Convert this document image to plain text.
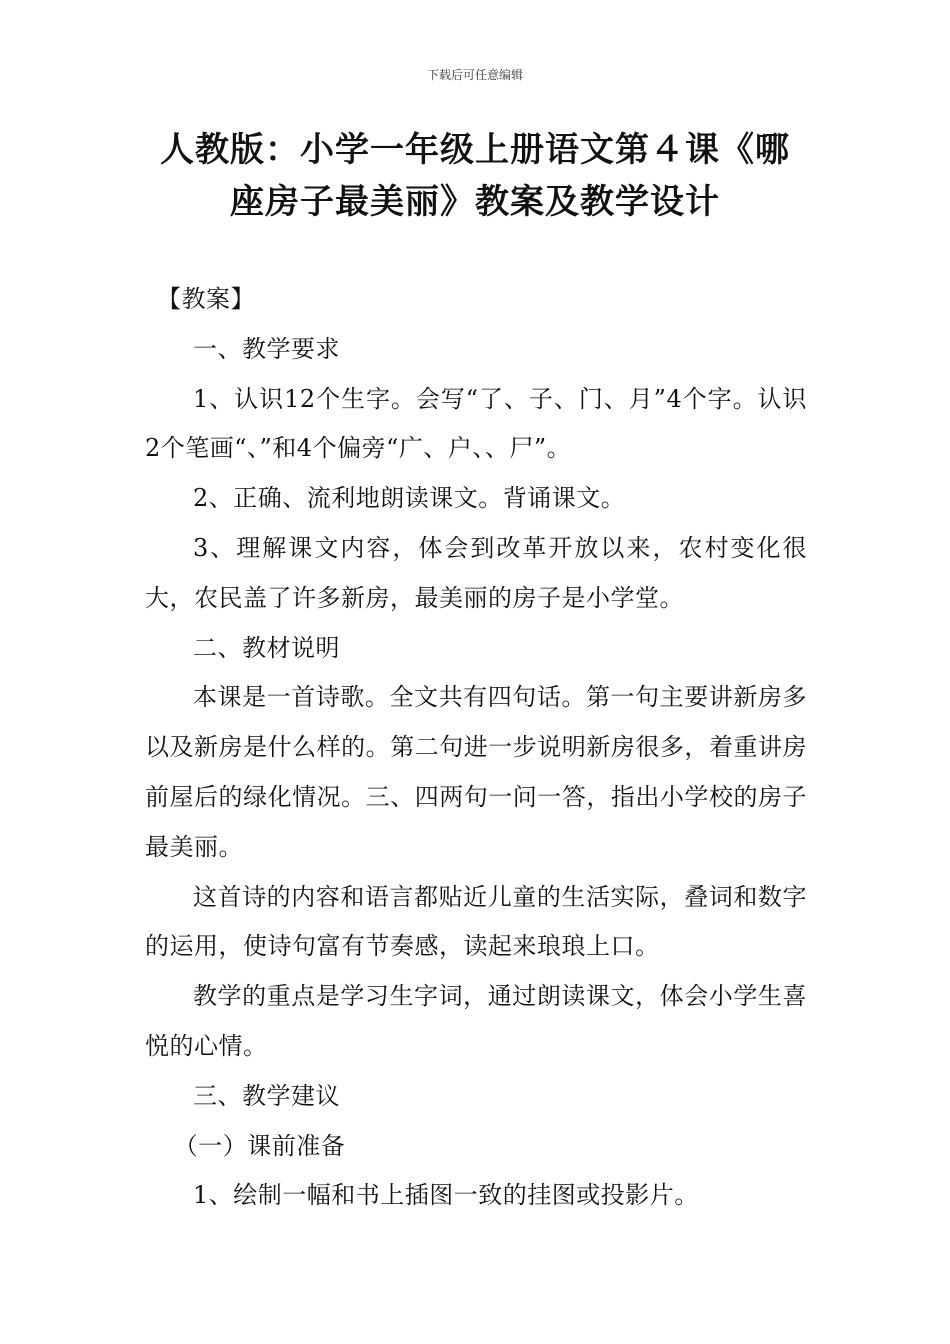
下载后可任意编辑
人教版：小学一年级上册语文第４课《哪
座房子最美丽》教案及教学设计

【教案】

一、教学要求

1、认识12个生字。会写“了、子、门、月”4个字。认识2个笔画“、”和4个偏旁“广、户、、尸”。

2、正确、流利地朗读课文。背诵课文。

3、理解课文内容，体会到改革开放以来，农村变化很大，农民盖了许多新房，最美丽的房子是小学堂。

二、教材说明

本课是一首诗歌。全文共有四句话。第一句主要讲新房多以及新房是什么样的。第二句进一步说明新房很多，着重讲房前屋后的绿化情况。三、四两句一问一答，指出小学校的房子最美丽。

这首诗的内容和语言都贴近儿童的生活实际，叠词和数字的运用，使诗句富有节奏感，读起来琅琅上口。

教学的重点是学习生字词，通过朗读课文，体会小学生喜悦的心情。

三、教学建议

（一）课前准备

1、绘制一幅和书上插图一致的挂图或投影片。
